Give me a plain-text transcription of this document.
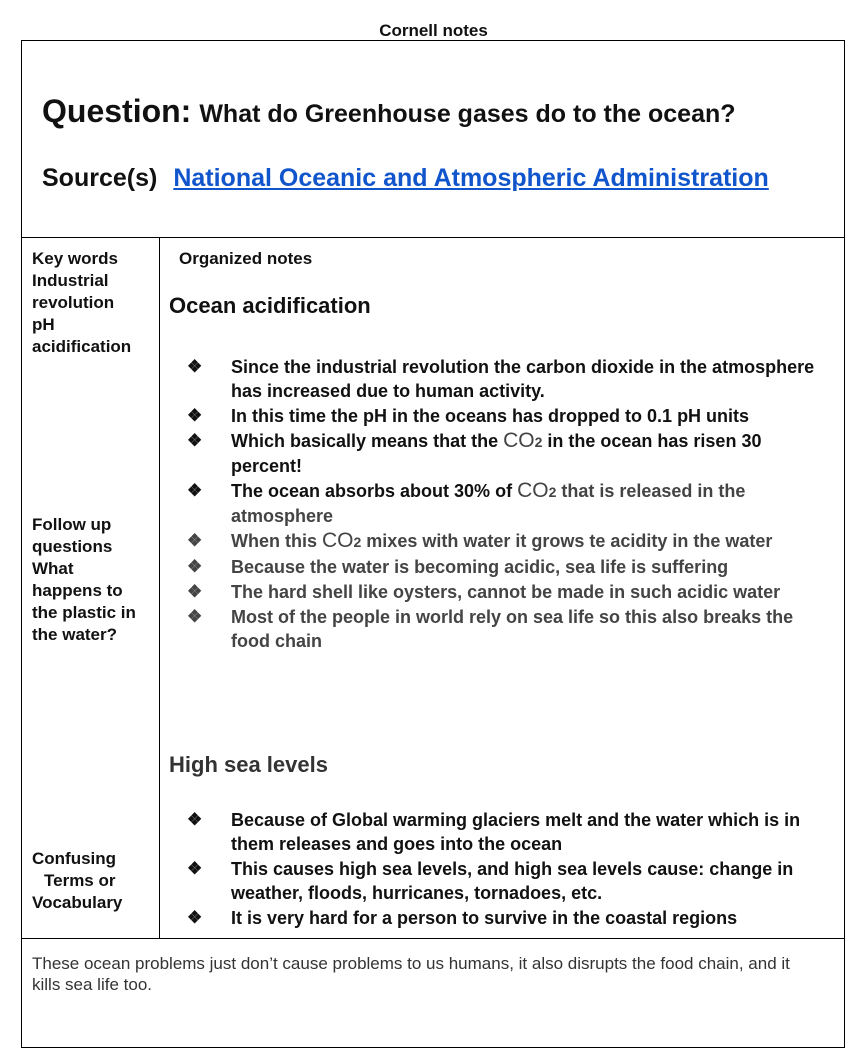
Cornell notes
Question: What do Greenhouse gases do to the ocean?
Source(s) National Oceanic and Atmospheric Administration
Key words
Industrial
revolution
pH
acidification
Follow up
questions
What
happens to
the plastic in
the water?
Confusing
Terms or
Vocabulary
Organized notes
Ocean acidification
❖ Since the industrial revolution the carbon dioxide in the atmosphere has increased due to human activity.
❖ In this time the pH in the oceans has dropped to 0.1 pH units
❖ Which basically means that the CO2 in the ocean has risen 30 percent!
❖ The ocean absorbs about 30% of CO2 that is released in the atmosphere
❖ When this CO2 mixes with water it grows te acidity in the water
❖ Because the water is becoming acidic, sea life is suffering
❖ The hard shell like oysters, cannot be made in such acidic water
❖ Most of the people in world rely on sea life so this also breaks the food chain
High sea levels
❖ Because of Global warming glaciers melt and the water which is in them releases and goes into the ocean
❖ This causes high sea levels, and high sea levels cause: change in weather, floods, hurricanes, tornadoes, etc.
❖ It is very hard for a person to survive in the coastal regions
These ocean problems just don’t cause problems to us humans, it also disrupts the food chain, and it kills sea life too.
